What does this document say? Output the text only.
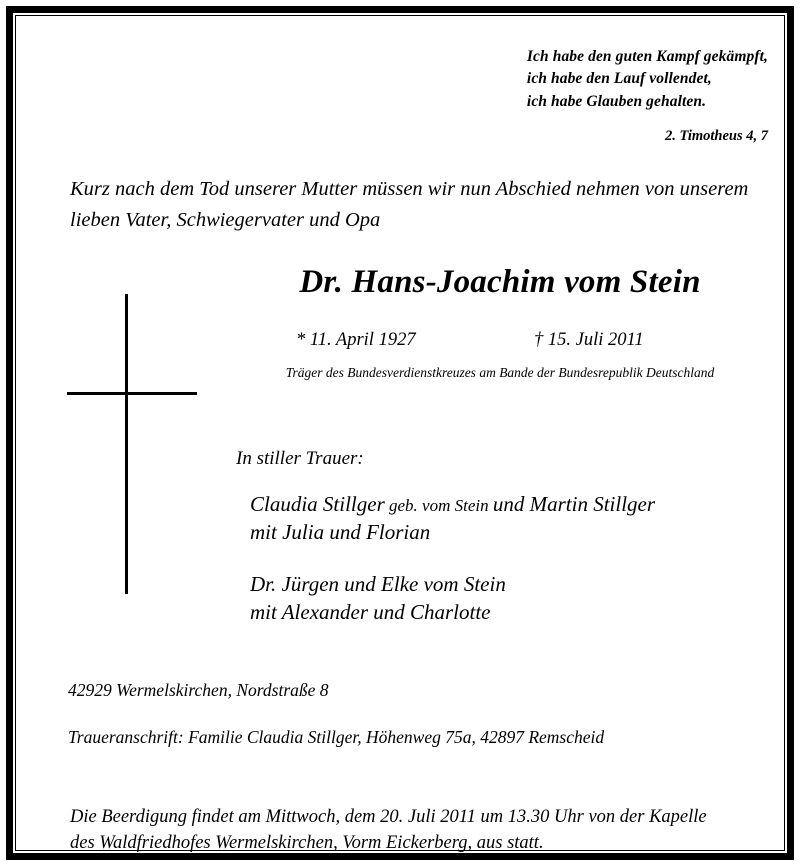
Ich habe den guten Kampf gekämpft,
ich habe den Lauf vollendet,
ich habe Glauben gehalten.
2. Timotheus 4, 7
Kurz nach dem Tod unserer Mutter müssen wir nun Abschied nehmen von unserem
lieben Vater, Schwiegervater und Opa
Dr. Hans-Joachim vom Stein
* 11. April 1927	† 15. Juli 2011
Träger des Bundesverdienstkreuzes am Bande der Bundesrepublik Deutschland
In stiller Trauer:
Claudia Stillger geb. vom Stein und Martin Stillger
mit Julia und Florian
Dr. Jürgen und Elke vom Stein
mit Alexander und Charlotte
42929 Wermelskirchen, Nordstraße 8
Traueranschrift: Familie Claudia Stillger, Höhenweg 75a, 42897 Remscheid
Die Beerdigung findet am Mittwoch, dem 20. Juli 2011 um 13.30 Uhr von der Kapelle
des Waldfriedhofes Wermelskirchen, Vorm Eickerberg, aus statt.
